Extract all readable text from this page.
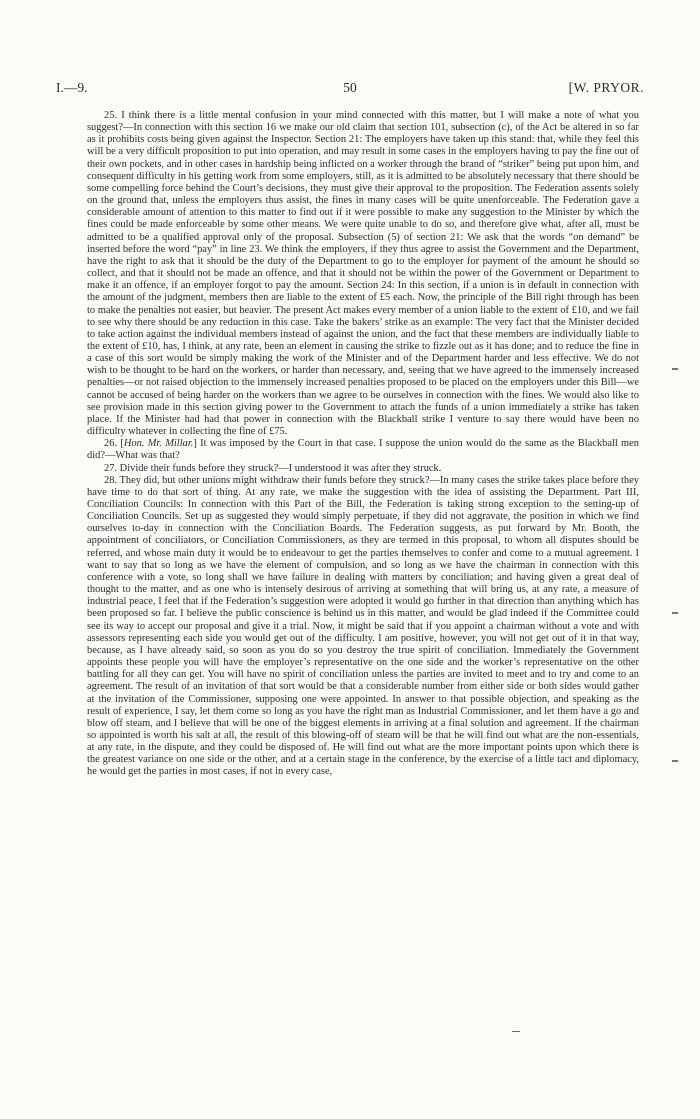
I.—9.	50	[W. PRYOR.

25. I think there is a little mental confusion in your mind connected with this matter, but I will make a note of what you suggest?—In connection with this section 16 we make our old claim that section 101, subsection (c), of the Act be altered in so far as it prohibits costs being given against the Inspector. Section 21: The employers have taken up this stand: that, while they feel this will be a very difficult proposition to put into operation, and may result in some cases in the employers having to pay the fine out of their own pockets, and in other cases in hardship being inflicted on a worker through the brand of “striker” being put upon him, and consequent difficulty in his getting work from some employers, still, as it is admitted to be absolutely necessary that there should be some compelling force behind the Court’s decisions, they must give their approval to the proposition. The Federation assents solely on the ground that, unless the employers thus assist, the fines in many cases will be quite unenforceable. The Federation gave a considerable amount of attention to this matter to find out if it were possible to make any suggestion to the Minister by which the fines could be made enforceable by some other means. We were quite unable to do so, and therefore give what, after all, must be admitted to be a qualified approval only of the proposal. Subsection (5) of section 21: We ask that the words “on demand” be inserted before the word “pay” in line 23. We think the employers, if they thus agree to assist the Government and the Department, have the right to ask that it should be the duty of the Department to go to the employer for payment of the amount he should so collect, and that it should not be made an offence, and that it should not be within the power of the Government or Department to make it an offence, if an employer forgot to pay the amount. Section 24: In this section, if a union is in default in connection with the amount of the judgment, members then are liable to the extent of £5 each. Now, the principle of the Bill right through has been to make the penalties not easier, but heavier. The present Act makes every member of a union liable to the extent of £10, and we fail to see why there should be any reduction in this case. Take the bakers’ strike as an example: The very fact that the Minister decided to take action against the individual members instead of against the union, and the fact that these members are individually liable to the extent of £10, has, I think, at any rate, been an element in causing the strike to fizzle out as it has done; and to reduce the fine in a case of this sort would be simply making the work of the Minister and of the Department harder and less effective. We do not wish to be thought to be hard on the workers, or harder than necessary, and, seeing that we have agreed to the immensely increased penalties—or not raised objection to the immensely increased penalties proposed to be placed on the employers under this Bill—we cannot be accused of being harder on the workers than we agree to be ourselves in connection with the fines. We would also like to see provision made in this section giving power to the Government to attach the funds of a union immediately a strike has taken place. If the Minister had had that power in connection with the Blackball strike I venture to say there would have been no difficulty whatever in collecting the fine of £75.

26. [Hon. Mr. Millar.] It was imposed by the Court in that case. I suppose the union would do the same as the Blackball men did?—What was that?

27. Divide their funds before they struck?—I understood it was after they struck.

28. They did, but other unions might withdraw their funds before they struck?—In many cases the strike takes place before they have time to do that sort of thing. At any rate, we make the suggestion with the idea of assisting the Department. Part III, Conciliation Councils: In connection with this Part of the Bill, the Federation is taking strong exception to the setting-up of Conciliation Councils. Set up as suggested they would simply perpetuate, if they did not aggravate, the position in which we find ourselves to-day in connection with the Conciliation Boards. The Federation suggests, as put forward by Mr. Booth, the appointment of conciliators, or Conciliation Commissioners, as they are termed in this proposal, to whom all disputes should be referred, and whose main duty it would be to endeavour to get the parties themselves to confer and come to a mutual agreement. I want to say that so long as we have the element of compulsion, and so long as we have the chairman in connection with this conference with a vote, so long shall we have failure in dealing with matters by conciliation; and having given a great deal of thought to the matter, and as one who is intensely desirous of arriving at something that will bring us, at any rate, a measure of industrial peace, I feel that if the Federation’s suggestion were adopted it would go further in that direction than anything which has been proposed so far. I believe the public conscience is behind us in this matter, and would be glad indeed if the Committee could see its way to accept our proposal and give it a trial. Now, it might be said that if you appoint a chairman without a vote and with assessors representing each side you would get out of the difficulty. I am positive, however, you will not get out of it in that way, because, as I have already said, so soon as you do so you destroy the true spirit of conciliation. Immediately the Government appoints these people you will have the employer’s representative on the one side and the worker’s representative on the other battling for all they can get. You will have no spirit of conciliation unless the parties are invited to meet and to try and come to an agreement. The result of an invitation of that sort would be that a considerable number from either side or both sides would gather at the invitation of the Commissioner, supposing one were appointed. In answer to that possible objection, and speaking as the result of experience, I say, let them come so long as you have the right man as Industrial Commissioner, and let them have a go and blow off steam, and I believe that will be one of the biggest elements in arriving at a final solution and agreement. If the chairman so appointed is worth his salt at all, the result of this blowing-off of steam will be that he will find out what are the non-essentials, at any rate, in the dispute, and they could be disposed of. He will find out what are the more important points upon which there is the greatest variance on one side or the other, and at a certain stage in the conference, by the exercise of a little tact and diplomacy, he would get the parties in most cases, if not in every case,
